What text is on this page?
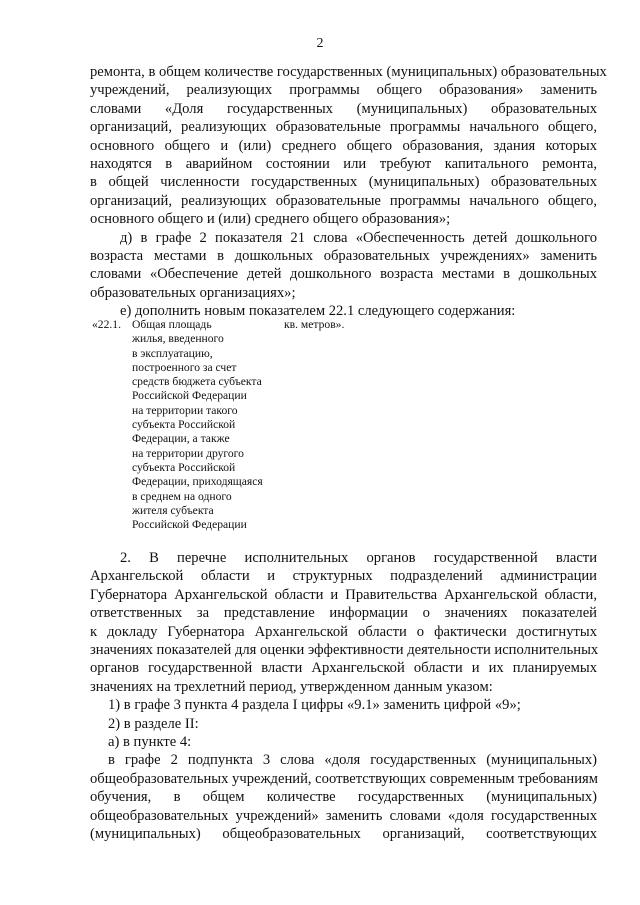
2
ремонта, в общем количестве государственных (муниципальных) образовательных
учреждений, реализующих программы общего образования» заменить
словами «Доля государственных (муниципальных) образовательных
организаций, реализующих образовательные программы начального общего,
основного общего и (или) среднего общего образования, здания которых
находятся в аварийном состоянии или требуют капитального ремонта,
в общей численности государственных (муниципальных) образовательных
организаций, реализующих образовательные программы начального общего,
основного общего и (или) среднего общего образования»;
д) в графе 2 показателя 21 слова «Обеспеченность детей дошкольного
возраста местами в дошкольных образовательных учреждениях» заменить
словами «Обеспечение детей дошкольного возраста местами в дошкольных
образовательных организациях»;
е) дополнить новым показателем 22.1 следующего содержания:
«22.1. Общая площадь
жилья, введенного
в эксплуатацию,
построенного за счет
средств бюджета субъекта
Российской Федерации
на территории такого
субъекта Российской
Федерации, а также
на территории другого
субъекта Российской
Федерации, приходящаяся
в среднем на одного
жителя субъекта
Российской Федерации
кв. метров».
2. В перечне исполнительных органов государственной власти
Архангельской области и структурных подразделений администрации
Губернатора Архангельской области и Правительства Архангельской области,
ответственных за представление информации о значениях показателей
к докладу Губернатора Архангельской области о фактически достигнутых
значениях показателей для оценки эффективности деятельности исполнительных
органов государственной власти Архангельской области и их планируемых
значениях на трехлетний период, утвержденном данным указом:
1) в графе 3 пункта 4 раздела I цифры «9.1» заменить цифрой «9»;
2) в разделе II:
а) в пункте 4:
в графе 2 подпункта 3 слова «доля государственных (муниципальных)
общеобразовательных учреждений, соответствующих современным требованиям
обучения, в общем количестве государственных (муниципальных)
общеобразовательных учреждений» заменить словами «доля государственных
(муниципальных) общеобразовательных организаций, соответствующих
